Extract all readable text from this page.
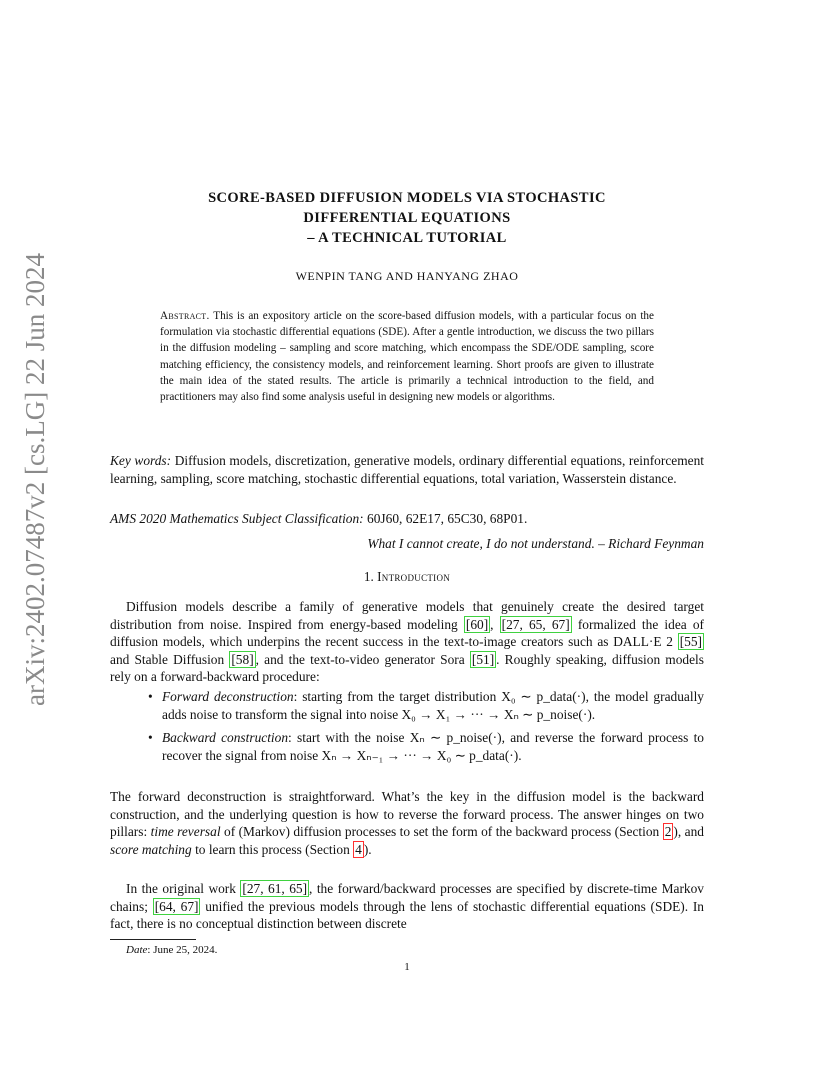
arXiv:2402.07487v2 [cs.LG] 22 Jun 2024
SCORE-BASED DIFFUSION MODELS VIA STOCHASTIC
DIFFERENTIAL EQUATIONS
– A TECHNICAL TUTORIAL
WENPIN TANG AND HANYANG ZHAO
Abstract. This is an expository article on the score-based diffusion models, with a particular focus on the formulation via stochastic differential equations (SDE). After a gentle introduction, we discuss the two pillars in the diffusion modeling – sampling and score matching, which encompass the SDE/ODE sampling, score matching efficiency, the consistency models, and reinforcement learning. Short proofs are given to illustrate the main idea of the stated results. The article is primarily a technical introduction to the field, and practitioners may also find some analysis useful in designing new models or algorithms.
Key words: Diffusion models, discretization, generative models, ordinary differential equations, reinforcement learning, sampling, score matching, stochastic differential equations, total variation, Wasserstein distance.
AMS 2020 Mathematics Subject Classification: 60J60, 62E17, 65C30, 68P01.
What I cannot create, I do not understand. – Richard Feynman
1. Introduction
Diffusion models describe a family of generative models that genuinely create the desired target distribution from noise. Inspired from energy-based modeling [60] , [27, 65, 67] formalized the idea of diffusion models, which underpins the recent success in the text-to-image creators such as DALL·E 2 [55] and Stable Diffusion [58] , and the text-to-video generator Sora [51] . Roughly speaking, diffusion models rely on a forward-backward procedure:
• Forward deconstruction: starting from the target distribution X₀ ∼ p_data(·), the model gradually adds noise to transform the signal into noise X₀ → X₁ → ··· → Xₙ ∼ p_noise(·).
• Backward construction: start with the noise Xₙ ∼ p_noise(·), and reverse the forward process to recover the signal from noise Xₙ → Xₙ₋₁ → ··· → X₀ ∼ p_data(·).
The forward deconstruction is straightforward. What’s the key in the diffusion model is the backward construction, and the underlying question is how to reverse the forward process. The answer hinges on two pillars: time reversal of (Markov) diffusion processes to set the form of the backward process (Section 2 ), and score matching to learn this process (Section 4 ).
In the original work [27, 61, 65] , the forward/backward processes are specified by discrete-time Markov chains; [64, 67] unified the previous models through the lens of stochastic differential equations (SDE). In fact, there is no conceptual distinction between discrete
Date: June 25, 2024.
1
